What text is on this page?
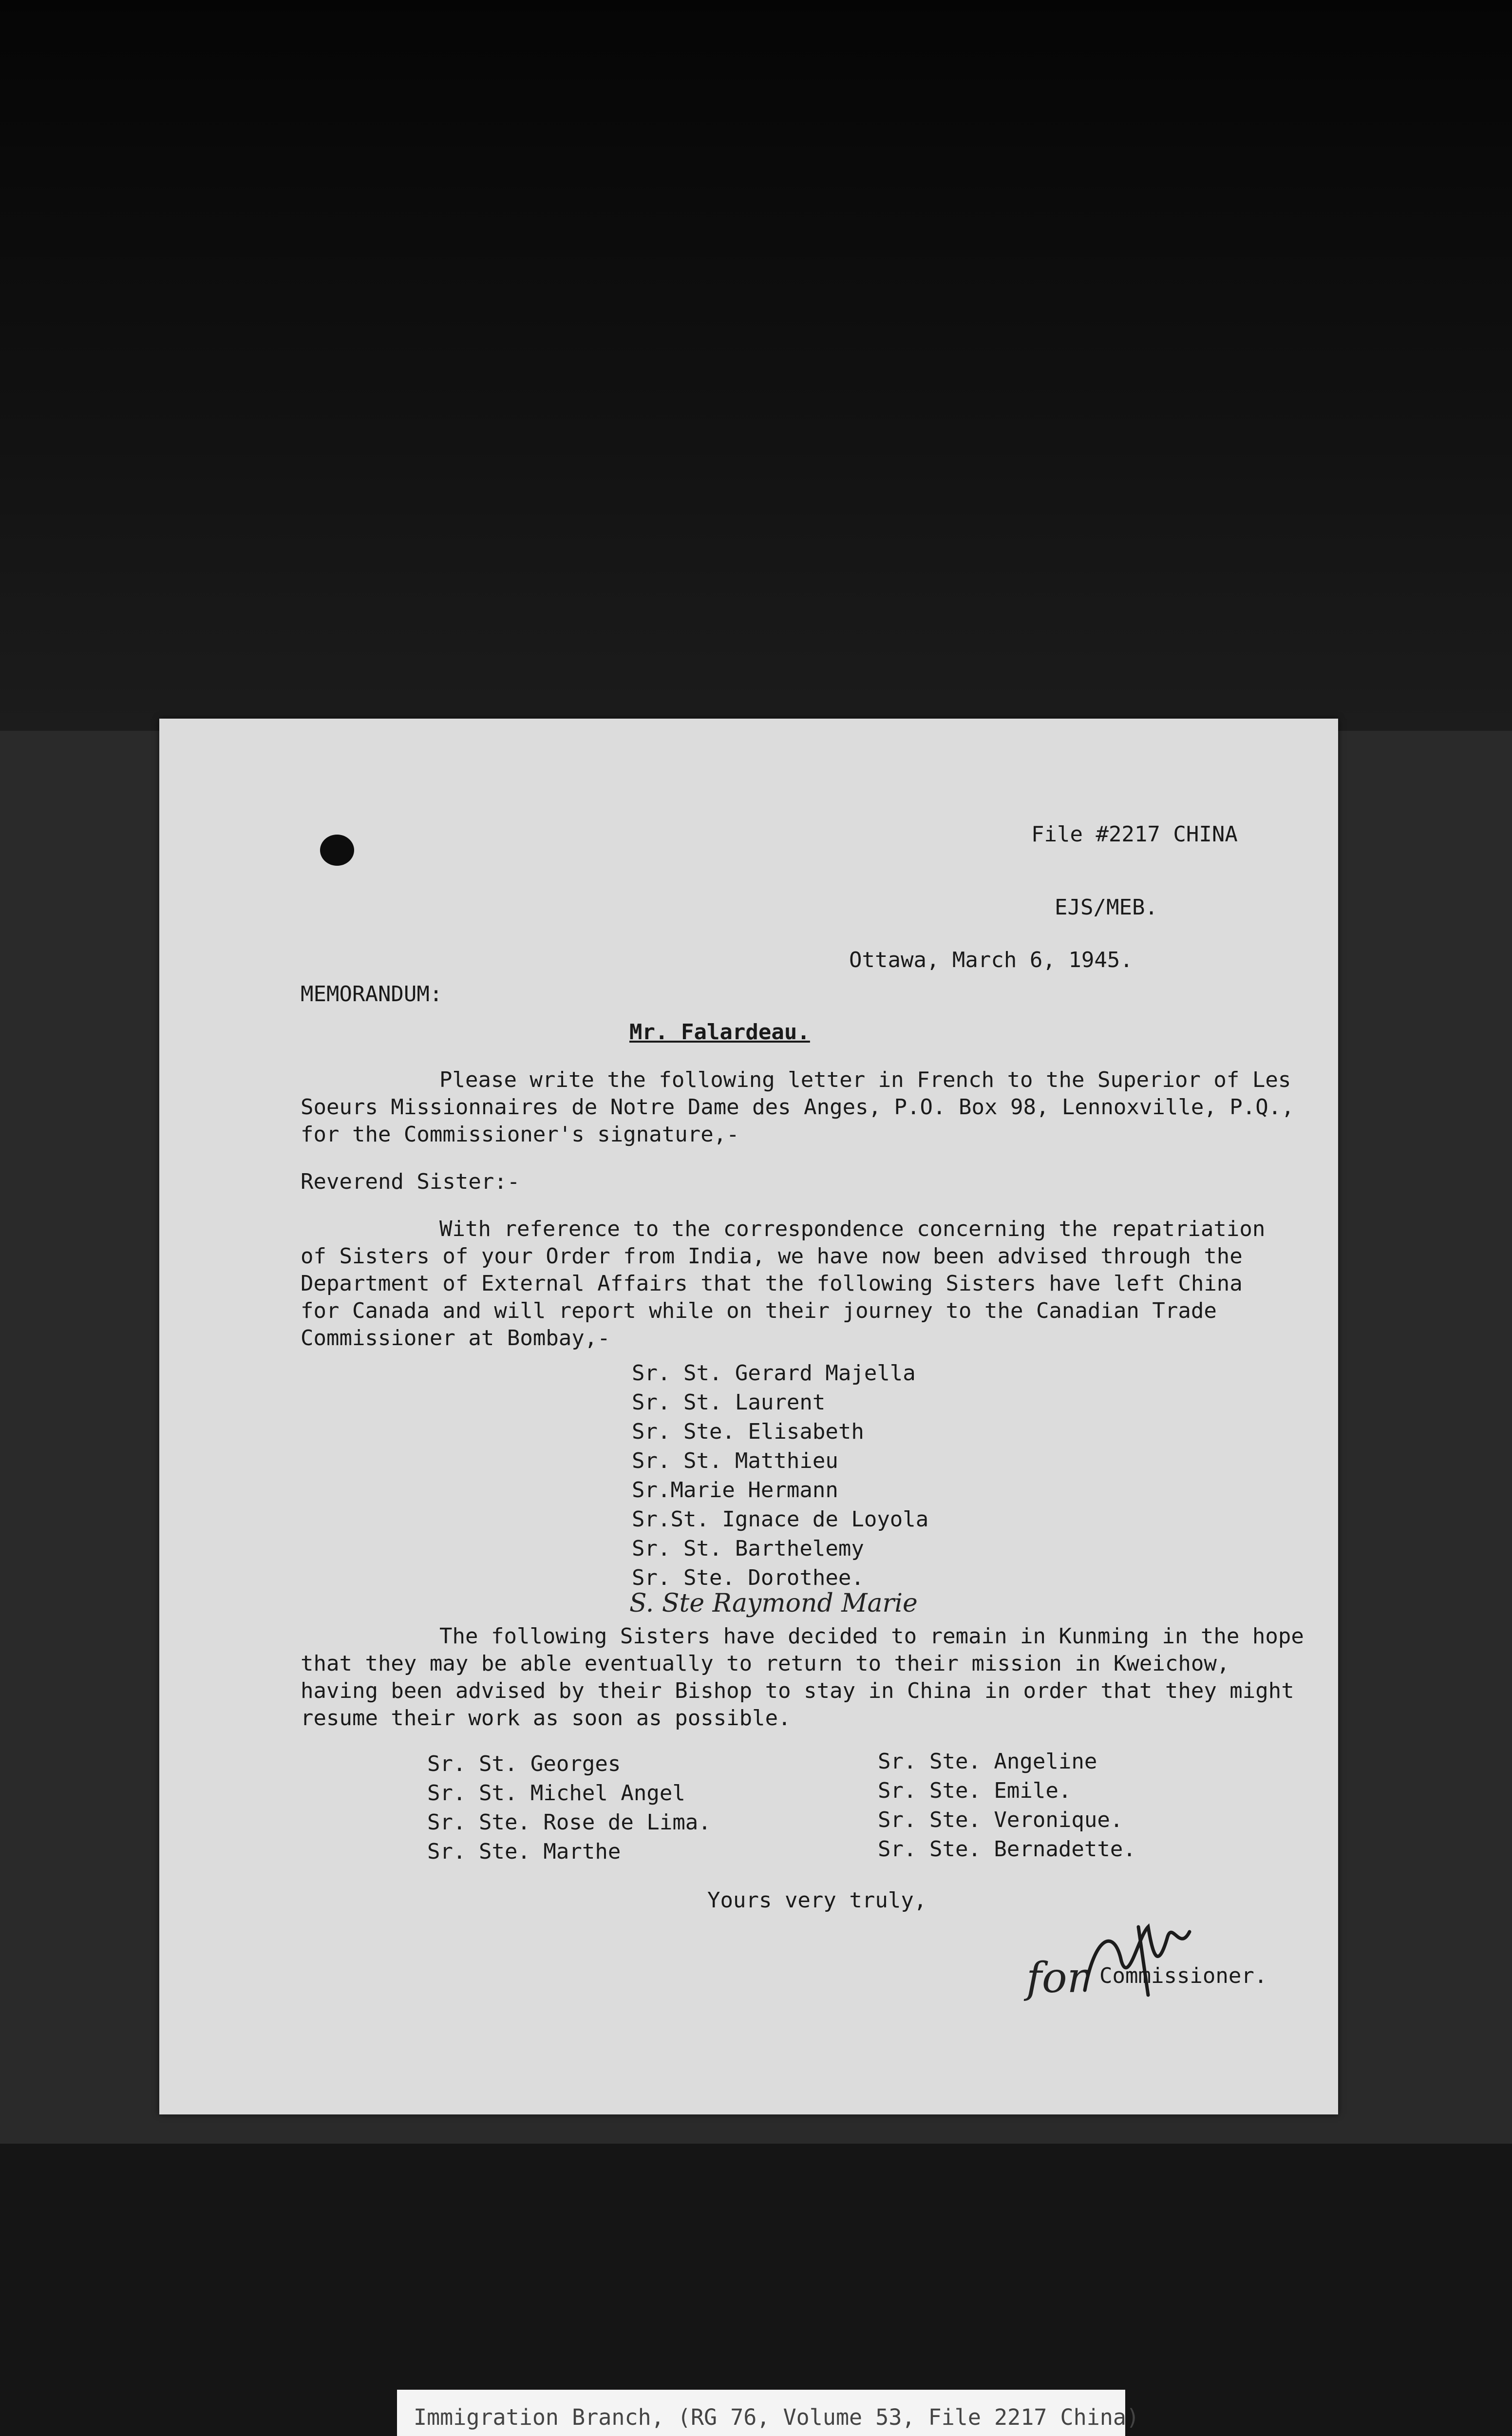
File #2217 CHINA
EJS/MEB.
Ottawa, March 6, 1945.
MEMORANDUM:
Mr. Falardeau.
Please write the following letter in French to the Superior of Les
Soeurs Missionnaires de Notre Dame des Anges, P.O. Box 98, Lennoxville, P.Q.,
for the Commissioner's signature,-
Reverend Sister:-
With reference to the correspondence concerning the repatriation
of Sisters of your Order from India, we have now been advised through the
Department of External Affairs that the following Sisters have left China
for Canada and will report while on their journey to the Canadian Trade
Commissioner at Bombay,-
Sr. St. Gerard Majella
Sr. St. Laurent
Sr. Ste. Elisabeth
Sr. St. Matthieu
Sr.Marie Hermann
Sr.St. Ignace de Loyola
Sr. St. Barthelemy
Sr. Ste. Dorothee.
S. Ste Raymond Marie
The following Sisters have decided to remain in Kunming in the hope
that they may be able eventually to return to their mission in Kweichow,
having been advised by their Bishop to stay in China in order that they might
resume their work as soon as possible.
Sr. St. Georges
Sr. St. Michel Angel
Sr. Ste. Rose de Lima.
Sr. Ste. Marthe
Sr. Ste. Angeline
Sr. Ste. Emile.
Sr. Ste. Veronique.
Sr. Ste. Bernadette.
Yours very truly,
for Commissioner.
Immigration Branch, (RG 76, Volume 53, File 2217 China)
